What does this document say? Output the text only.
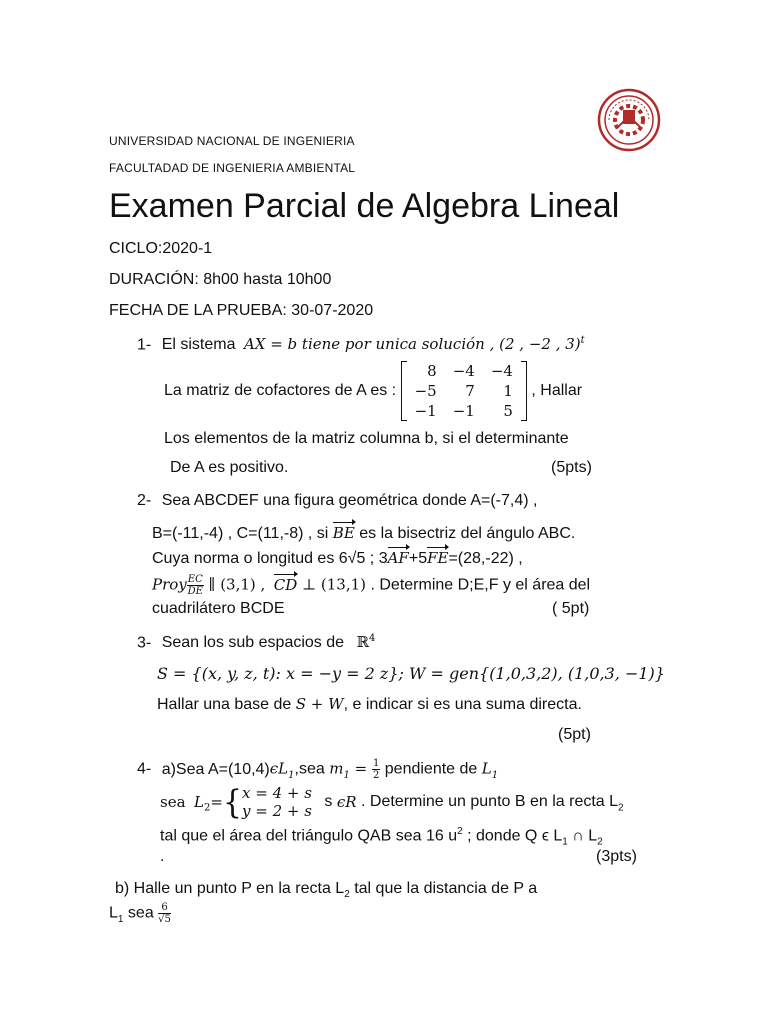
UNIVERSIDAD NACIONAL DE INGENIERIA
FACULTADAD DE INGENIERIA AMBIENTAL
Examen Parcial de Algebra Lineal
CICLO:2020-1
DURACIÓN: 8h00 hasta 10h00
FECHA DE LA PRUEBA: 30-07-2020
1- El sistema AX = b tiene por unica solución , (2 , −2 , 3)$^t$
La matriz de cofactores de A es :
8	−4	−4
−5	7	1
−1	−1	5
, Hallar
Los elementos de la matriz columna b, si el determinante
De A es positivo.	(5pts)
2- Sea ABCDEF una figura geométrica donde A=(-7,4) ,
B=(-11,-4) , C=(11,-8) , si BE es la bisectriz del ángulo ABC.
Cuya norma o longitud es 6√5 ; 3AF+5FE=(28,-22) ,
Proy $\frac{EC}{DE}$ ∥ (3,1) , CD ⊥ (13,1) . Determine D;E,F y el área del
cuadrilátero BCDE	( 5pt)
3- Sean los sub espacios de ℝ$^4$
S = {(x, y, z, t): x = −y = 2 z}; W = gen{(1,0,3,2), (1,0,3, −1)}
Hallar una base de S + W, e indicar si es una suma directa.
(5pt)
4- a)Sea $A=(10,4)\epsilon L_1,sea$ $m_1 = \frac{1}{2}$ pendiente de $L_1$
sea $L_2=${ x = 4 + s
y = 2 + s
s ϵR . Determine un punto B en la recta $L_2$
tal que el área del triángulo QAB sea 16 $u^2$ ; donde Q ϵ $L_1$ ∩ $L_2$
.	(3pts)
b) Halle un punto P en la recta $L_2$ tal que la distancia de P a
$L_1$ sea $\frac{6}{√5}$
